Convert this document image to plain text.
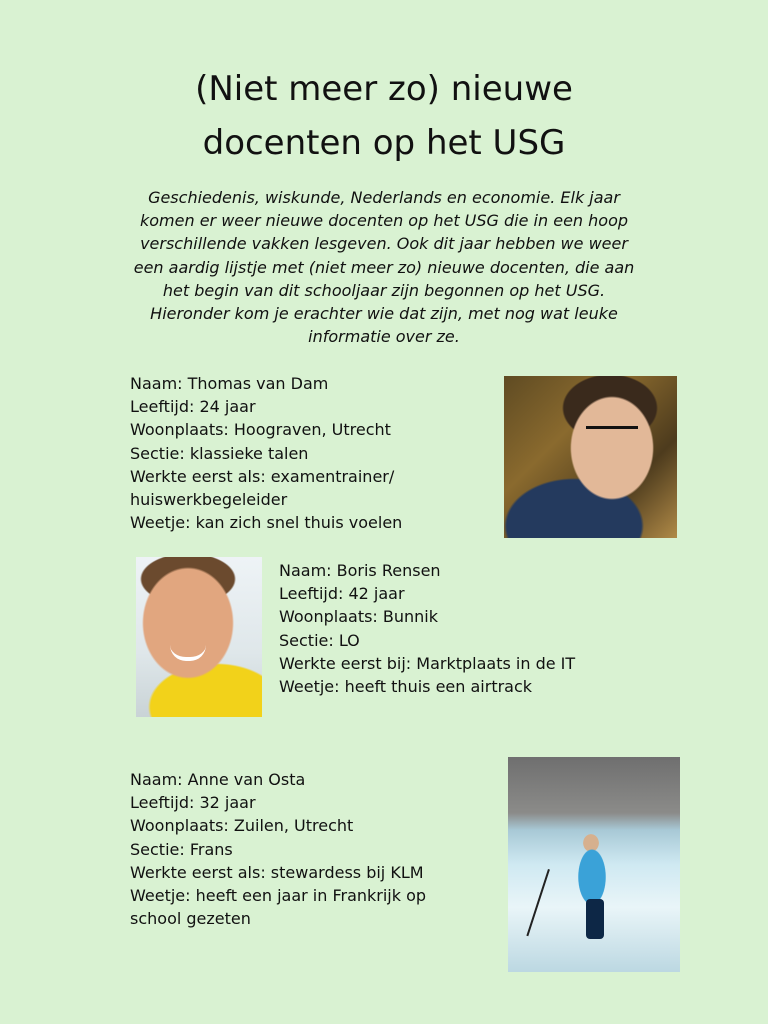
(Niet meer zo) nieuwe
docenten op het USG

Geschiedenis, wiskunde, Nederlands en economie. Elk jaar komen er weer nieuwe docenten op het USG die in een hoop verschillende vakken lesgeven. Ook dit jaar hebben we weer een aardig lijstje met (niet meer zo) nieuwe docenten, die aan het begin van dit schooljaar zijn begonnen op het USG. Hieronder kom je erachter wie dat zijn, met nog wat leuke informatie over ze.

Naam: Thomas van Dam
Leeftijd: 24 jaar
Woonplaats: Hoograven, Utrecht
Sectie: klassieke talen
Werkte eerst als: examentrainer/
huiswerkbegeleider
Weetje: kan zich snel thuis voelen
Naam: Boris Rensen
Leeftijd: 42 jaar
Woonplaats: Bunnik
Sectie: LO
Werkte eerst bij: Marktplaats in de IT
Weetje: heeft thuis een airtrack
Naam: Anne van Osta
Leeftijd: 32 jaar
Woonplaats: Zuilen, Utrecht
Sectie: Frans
Werkte eerst als: stewardess bij KLM
Weetje: heeft een jaar in Frankrijk op
school gezeten
